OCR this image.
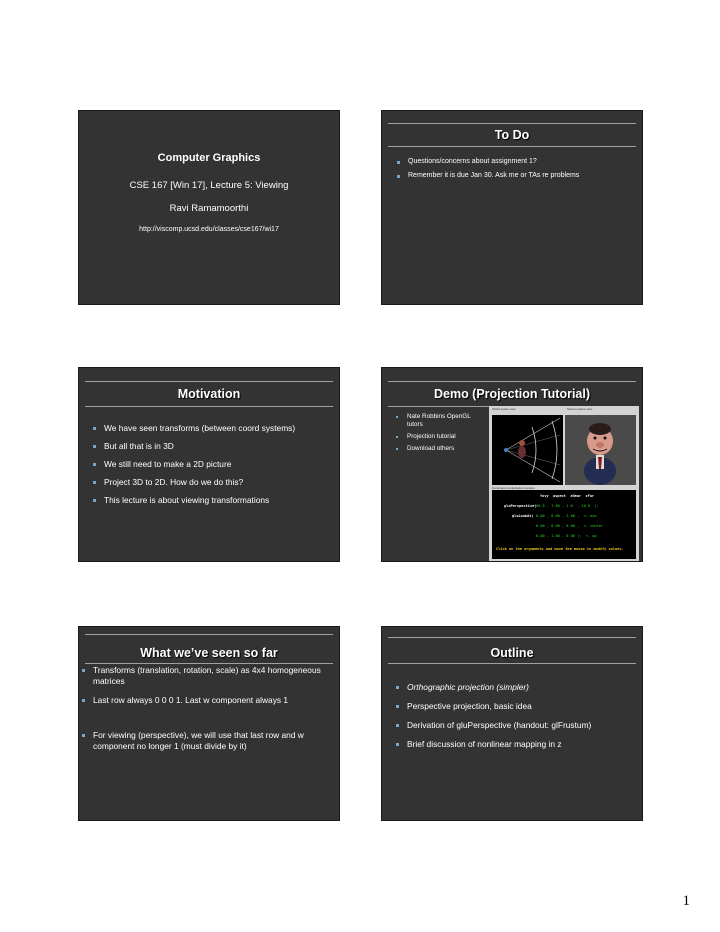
Computer Graphics
CSE 167 [Win 17], Lecture 5: Viewing
Ravi Ramamoorthi
http://viscomp.ucsd.edu/classes/cse167/wi17
To Do
Questions/concerns about assignment 1?
Remember it is due Jan 30. Ask me or TAs re problems
Motivation
We have seen transforms (between coord systems)
But all that is in 3D
We still need to make a 2D picture
Project 3D to 2D. How do we do this?
This lecture is about viewing transformations
Demo (Projection Tutorial)
Nate Robbins OpenGL tutors
Projection tutorial
Download others
World-space view	Screen-space view
Command manipulation window
fovy  aspect  zNear  zFar
gluPerspective( 60.0 , 1.00 , 1.0  , 10.0  );
gluLookAt( 0.00 , 0.00 , 2.00 ,  <- eye
0.00 , 0.00 , 0.00 ,  <- center
0.00 , 1.00 , 0.00 );  <- up
Click on the arguments and move the mouse to modify values.
What we’ve seen so far
Transforms (translation, rotation, scale) as 4x4 homogeneous matrices
Last row always 0 0 0 1. Last w component always 1
For viewing (perspective), we will use that last row and w component no longer 1 (must divide by it)
Outline
Orthographic projection (simpler)
Perspective projection, basic idea
Derivation of gluPerspective (handout: glFrustum)
Brief discussion of nonlinear mapping in z
1
